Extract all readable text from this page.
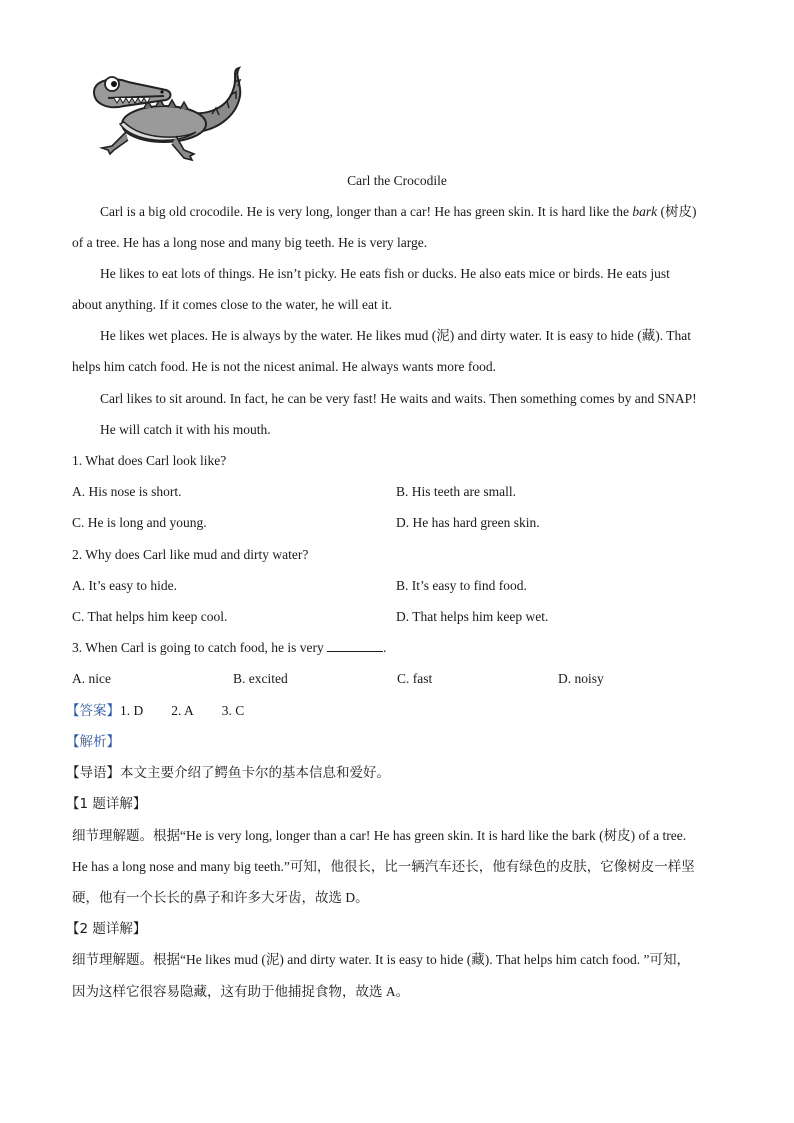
Carl the Crocodile
Carl is a big old crocodile. He is very long, longer than a car! He has green skin. It is hard like the bark (树皮)
of a tree. He has a long nose and many big teeth. He is very large.
He likes to eat lots of things. He isn’t picky. He eats fish or ducks. He also eats mice or birds. He eats just
about anything. If it comes close to the water, he will eat it.
He likes wet places. He is always by the water. He likes mud (泥) and dirty water. It is easy to hide (藏). That
helps him catch food. He is not the nicest animal. He always wants more food.
Carl likes to sit around. In fact, he can be very fast! He waits and waits. Then something comes by and SNAP!
He will catch it with his mouth.
1. What does Carl look like?
A. His nose is short.	B. His teeth are small.
C. He is long and young.	D. He has hard green skin.
2. Why does Carl like mud and dirty water?
A. It’s easy to hide.	B. It’s easy to find food.
C. That helps him keep cool.	D. That helps him keep wet.
3. When Carl is going to catch food, he is very	.
A. nice	B. excited	C. fast	D. noisy
【答案】1. D 2. A 3. C
【解析】
【导语】本文主要介绍了鳄鱼卡尔的基本信息和爱好。
【1 题详解】
细节理解题。根据“He is very long, longer than a car! He has green skin. It is hard like the bark (树皮) of a tree.
He has a long nose and many big teeth.”可知，他很长，比一辆汽车还长，他有绿色的皮肤，它像树皮一样坚
硬，他有一个长长的鼻子和许多大牙齿，故选 D。
【2 题详解】
细节理解题。根据“He likes mud (泥) and dirty water. It is easy to hide (藏). That helps him catch food. ”可知，
因为这样它很容易隐藏，这有助于他捕捉食物，故选 A。
